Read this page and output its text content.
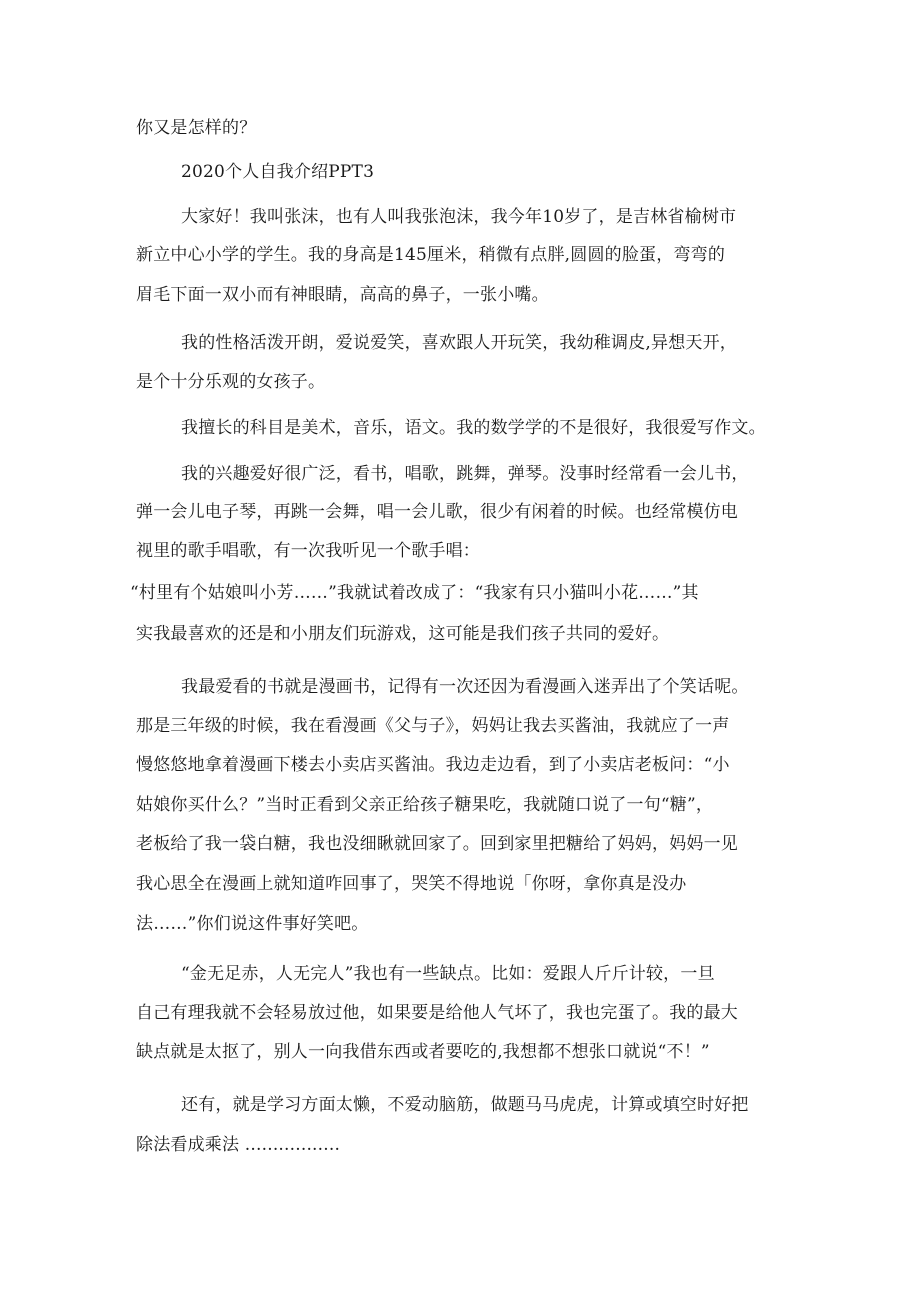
你又是怎样的？
2020个人自我介绍PPT3
大家好！我叫张沫，也有人叫我张泡沫，我今年10岁了，是吉林省榆树市
新立中心小学的学生。我的身高是145厘米，稍微有点胖,圆圆的脸蛋，弯弯的
眉毛下面一双小而有神眼睛，高高的鼻子，一张小嘴。
我的性格活泼开朗，爱说爱笑，喜欢跟人开玩笑，我幼稚调皮,异想天开，
是个十分乐观的女孩子。
我擅长的科目是美术，音乐，语文。我的数学学的不是很好，我很爱写作文。
我的兴趣爱好很广泛，看书，唱歌，跳舞，弹琴。没事时经常看一会儿书，
弹一会儿电子琴，再跳一会舞，唱一会儿歌，很少有闲着的时候。也经常模仿电
视里的歌手唱歌，有一次我听见一个歌手唱：
“村里有个姑娘叫小芳……”我就试着改成了：“我家有只小猫叫小花……”其
实我最喜欢的还是和小朋友们玩游戏，这可能是我们孩子共同的爱好。
我最爱看的书就是漫画书，记得有一次还因为看漫画入迷弄出了个笑话呢。
那是三年级的时候，我在看漫画《父与子》，妈妈让我去买酱油，我就应了一声
慢悠悠地拿着漫画下楼去小卖店买酱油。我边走边看，到了小卖店老板问：“小
姑娘你买什么？”当时正看到父亲正给孩子糖果吃，我就随口说了一句“糖”，
老板给了我一袋白糖，我也没细瞅就回家了。回到家里把糖给了妈妈，妈妈一见
我心思全在漫画上就知道咋回事了，哭笑不得地说「你呀，拿你真是没办
法……”你们说这件事好笑吧。
“金无足赤，人无完人”我也有一些缺点。比如：爱跟人斤斤计较，一旦
自己有理我就不会轻易放过他，如果要是给他人气坏了，我也完蛋了。我的最大
缺点就是太抠了，别人一向我借东西或者要吃的,我想都不想张口就说“不！”
还有，就是学习方面太懒，不爱动脑筋，做题马马虎虎，计算或填空时好把
除法看成乘法 .................
